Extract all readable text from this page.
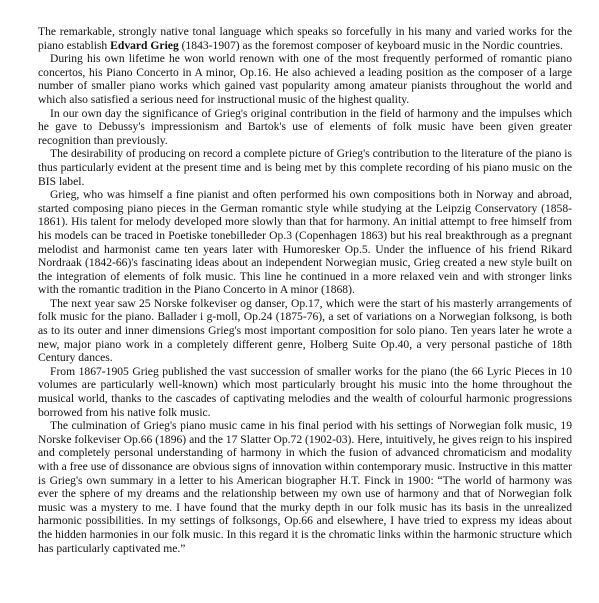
The remarkable, strongly native tonal language which speaks so forcefully in his many and varied works for the piano establish Edvard Grieg (1843-1907) as the foremost composer of keyboard music in the Nordic countries.

During his own lifetime he won world renown with one of the most frequently performed of romantic piano concertos, his Piano Concerto in A minor, Op.16. He also achieved a leading position as the composer of a large number of smaller piano works which gained vast popularity among amateur pianists throughout the world and which also satisfied a serious need for instructional music of the highest quality.

In our own day the significance of Grieg's original contribution in the field of harmony and the impulses which he gave to Debussy's impressionism and Bartok's use of elements of folk music have been given greater recognition than previously.

The desirability of producing on record a complete picture of Grieg's contribution to the literature of the piano is thus particularly evident at the present time and is being met by this complete recording of his piano music on the BIS label.

Grieg, who was himself a fine pianist and often performed his own compositions both in Norway and abroad, started composing piano pieces in the German romantic style while studying at the Leipzig Conservatory (1858-1861). His talent for melody developed more slowly than that for harmony. An initial attempt to free himself from his models can be traced in Poetiske tonebilleder Op.3 (Copenhagen 1863) but his real breakthrough as a pregnant melodist and harmonist came ten years later with Humoresker Op.5. Under the influence of his friend Rikard Nordraak (1842-66)'s fascinating ideas about an independent Norwegian music, Grieg created a new style built on the integration of elements of folk music. This line he continued in a more relaxed vein and with stronger links with the romantic tradition in the Piano Concerto in A minor (1868).

The next year saw 25 Norske folkeviser og danser, Op.17, which were the start of his masterly arrangements of folk music for the piano. Ballader i g-moll, Op.24 (1875-76), a set of variations on a Norwegian folksong, is both as to its outer and inner dimensions Grieg's most important composition for solo piano. Ten years later he wrote a new, major piano work in a completely different genre, Holberg Suite Op.40, a very personal pastiche of 18th Century dances.

From 1867-1905 Grieg published the vast succession of smaller works for the piano (the 66 Lyric Pieces in 10 volumes are particularly well-known) which most particularly brought his music into the home throughout the musical world, thanks to the cascades of captivating melodies and the wealth of colourful harmonic progressions borrowed from his native folk music.

The culmination of Grieg's piano music came in his final period with his settings of Norwegian folk music, 19 Norske folkeviser Op.66 (1896) and the 17 Slatter Op.72 (1902-03). Here, intuitively, he gives reign to his inspired and completely personal understanding of harmony in which the fusion of advanced chromaticism and modality with a free use of dissonance are obvious signs of innovation within contemporary music. Instructive in this matter is Grieg's own summary in a letter to his American biographer H.T. Finck in 1900: “The world of harmony was ever the sphere of my dreams and the relationship between my own use of harmony and that of Norwegian folk music was a mystery to me. I have found that the murky depth in our folk music has its basis in the unrealized harmonic possibilities. In my settings of folksongs, Op.66 and elsewhere, I have tried to express my ideas about the hidden harmonies in our folk music. In this regard it is the chromatic links within the harmonic structure which has particularly captivated me.”
